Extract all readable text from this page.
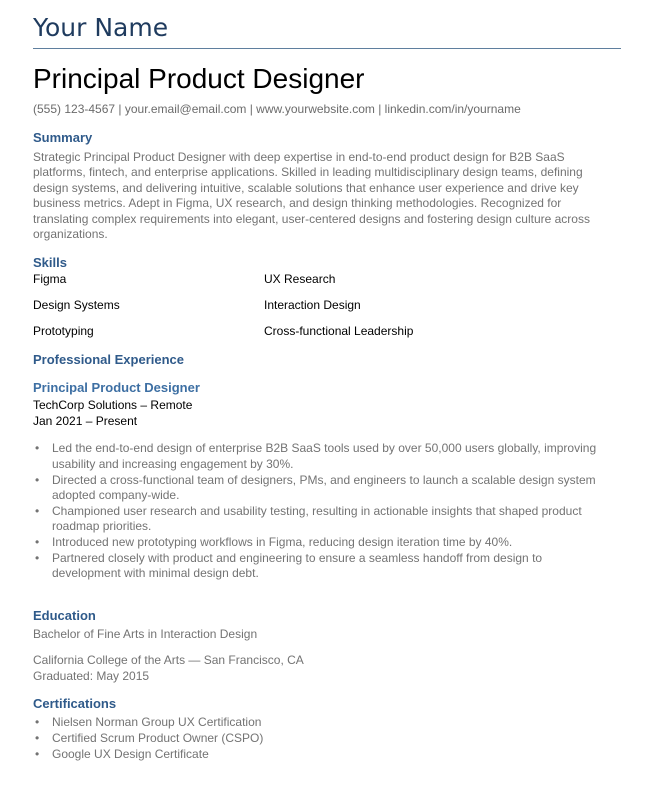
Your Name
Principal Product Designer
(555) 123-4567 | your.email@email.com | www.yourwebsite.com | linkedin.com/in/yourname
Summary
Strategic Principal Product Designer with deep expertise in end-to-end product design for B2B SaaS platforms, fintech, and enterprise applications. Skilled in leading multidisciplinary design teams, defining design systems, and delivering intuitive, scalable solutions that enhance user experience and drive key business metrics. Adept in Figma, UX research, and design thinking methodologies. Recognized for translating complex requirements into elegant, user-centered designs and fostering design culture across organizations.
Skills
Figma	UX Research
Design Systems	Interaction Design
Prototyping	Cross-functional Leadership
Professional Experience
Principal Product Designer
TechCorp Solutions – Remote
Jan 2021 – Present
• Led the end-to-end design of enterprise B2B SaaS tools used by over 50,000 users globally, improving usability and increasing engagement by 30%.
• Directed a cross-functional team of designers, PMs, and engineers to launch a scalable design system adopted company-wide.
• Championed user research and usability testing, resulting in actionable insights that shaped product roadmap priorities.
• Introduced new prototyping workflows in Figma, reducing design iteration time by 40%.
• Partnered closely with product and engineering to ensure a seamless handoff from design to development with minimal design debt.
Education
Bachelor of Fine Arts in Interaction Design
California College of the Arts — San Francisco, CA
Graduated: May 2015
Certifications
• Nielsen Norman Group UX Certification
• Certified Scrum Product Owner (CSPO)
• Google UX Design Certificate
